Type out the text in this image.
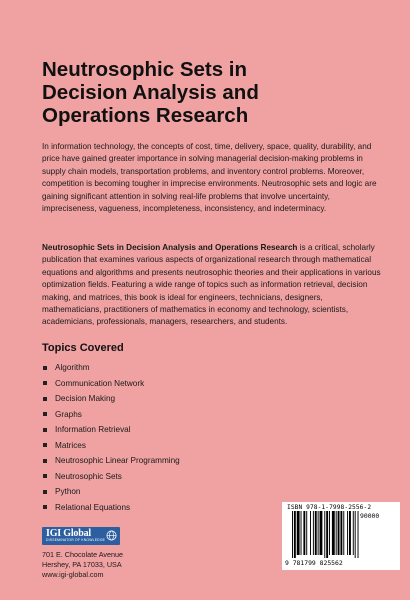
Neutrosophic Sets in
Decision Analysis and
Operations Research

In information technology, the concepts of cost, time, delivery, space, quality, durability, and price have gained greater importance in solving managerial decision-making problems in supply chain models, transportation problems, and inventory control problems. Moreover, competition is becoming tougher in imprecise environments. Neutrosophic sets and logic are gaining significant attention in solving real-life problems that involve uncertainty, impreciseness, vagueness, incompleteness, inconsistency, and indeterminacy.

Neutrosophic Sets in Decision Analysis and Operations Research is a critical, scholarly publication that examines various aspects of organizational research through mathematical equations and algorithms and presents neutrosophic theories and their applications in various optimization fields. Featuring a wide range of topics such as information retrieval, decision making, and matrices, this book is ideal for engineers, technicians, designers, mathematicians, practitioners of mathematics in economy and technology, scientists, academicians, professionals, managers, researchers, and students.

Topics Covered
Algorithm
Communication Network
Decision Making
Graphs
Information Retrieval
Matrices
Neutrosophic Linear Programming
Neutrosophic Sets
Python
Relational Equations
IGI Global
DISSEMINATOR OF KNOWLEDGE
701 E. Chocolate Avenue
Hershey, PA 17033, USA
www.igi-global.com
ISBN 978-1-7998-2556-2
90000
9 781799 825562
